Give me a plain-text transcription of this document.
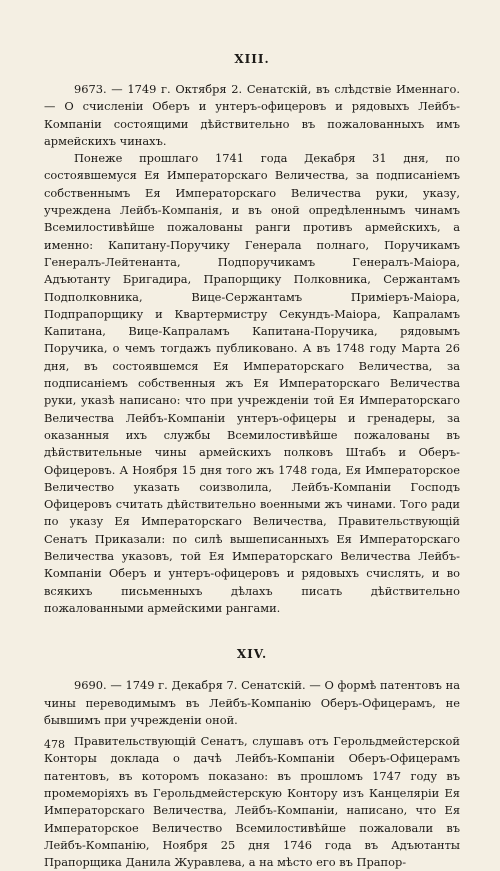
XIII.

9673. — 1749 г. Октября 2. Сенатскій, въ слѣдствіе Именнаго. — О счисленіи Оберъ и унтеръ-офицеровъ и рядовыхъ Лейбъ-Компаніи состоящими дѣйствительно въ пожалованныхъ имъ армейскихъ чинахъ.

Понеже прошлаго 1741 года Декабря 31 дня, по состоявшемуся Ея Императорскаго Величества, за подписаніемъ собственнымъ Ея Императорскаго Величества руки, указу, учреждена Лейбъ-Компанія, и въ оной опредѣленнымъ чинамъ Всемилостивѣйше пожалованы ранги противъ армейскихъ, а именно: Капитану-Поручику Генерала полнаго, Поручикамъ Генералъ-Лейтенанта, Подпоручикамъ Генералъ-Маіора, Адъютанту Бригадира, Прапорщику Полковника, Сержантамъ Подполковника, Вице-Сержантамъ Приміеръ-Маіора, Подпрапорщику и Квартермистру Секундъ-Маіора, Капраламъ Капитана, Вице-Капраламъ Капитана-Поручика, рядовымъ Поручика, о чемъ тогдажъ публиковано. А въ 1748 году Марта 26 дня, въ состоявшемся Ея Императорскаго Величества, за подписаніемъ собственныя жъ Ея Императорскаго Величества руки, указѣ написано: что при учрежденіи той Ея Императорскаго Величества Лейбъ-Компаніи унтеръ-офицеры и гренадеры, за оказанныя ихъ службы Всемилостивѣйше пожалованы въ дѣйствительные чины армейскихъ полковъ Штабъ и Оберъ-Офицеровъ. А Ноября 15 дня того жъ 1748 года, Ея Императорское Величество указать соизволила, Лейбъ-Компаніи Господъ Офицеровъ считать дѣйствительно военными жъ чинами. Того ради по указу Ея Императорскаго Величества, Правительствующій Сенатъ Приказали: по силѣ вышеписанныхъ Ея Императорскаго Величества указовъ, той Ея Императорскаго Величества Лейбъ-Компаніи Оберъ и унтеръ-офицеровъ и рядовыхъ счислять, и во всякихъ письменныхъ дѣлахъ писать дѣйствительно пожалованными армейскими рангами.

XIV.

9690. — 1749 г. Декабря 7. Сенатскій. — О формѣ патентовъ на чины переводимымъ въ Лейбъ-Компанію Оберъ-Офицерамъ, не бывшимъ при учрежденіи оной.

Правительствующій Сенатъ, слушавъ отъ Герольдмейстерской Конторы доклада о дачѣ Лейбъ-Компаніи Оберъ-Офицерамъ патентовъ, въ которомъ показано: въ прошломъ 1747 году въ промеморіяхъ въ Герольдмейстерскую Контору изъ Канцеляріи Ея Императорскаго Величества, Лейбъ-Компаніи, написано, что Ея Императорское Величество Всемилостивѣйше пожаловали въ Лейбъ-Компанію, Ноября 25 дня 1746 года въ Адъютанты Прапорщика Данила Журавлева, а на мѣсто его въ Прапор-

478
